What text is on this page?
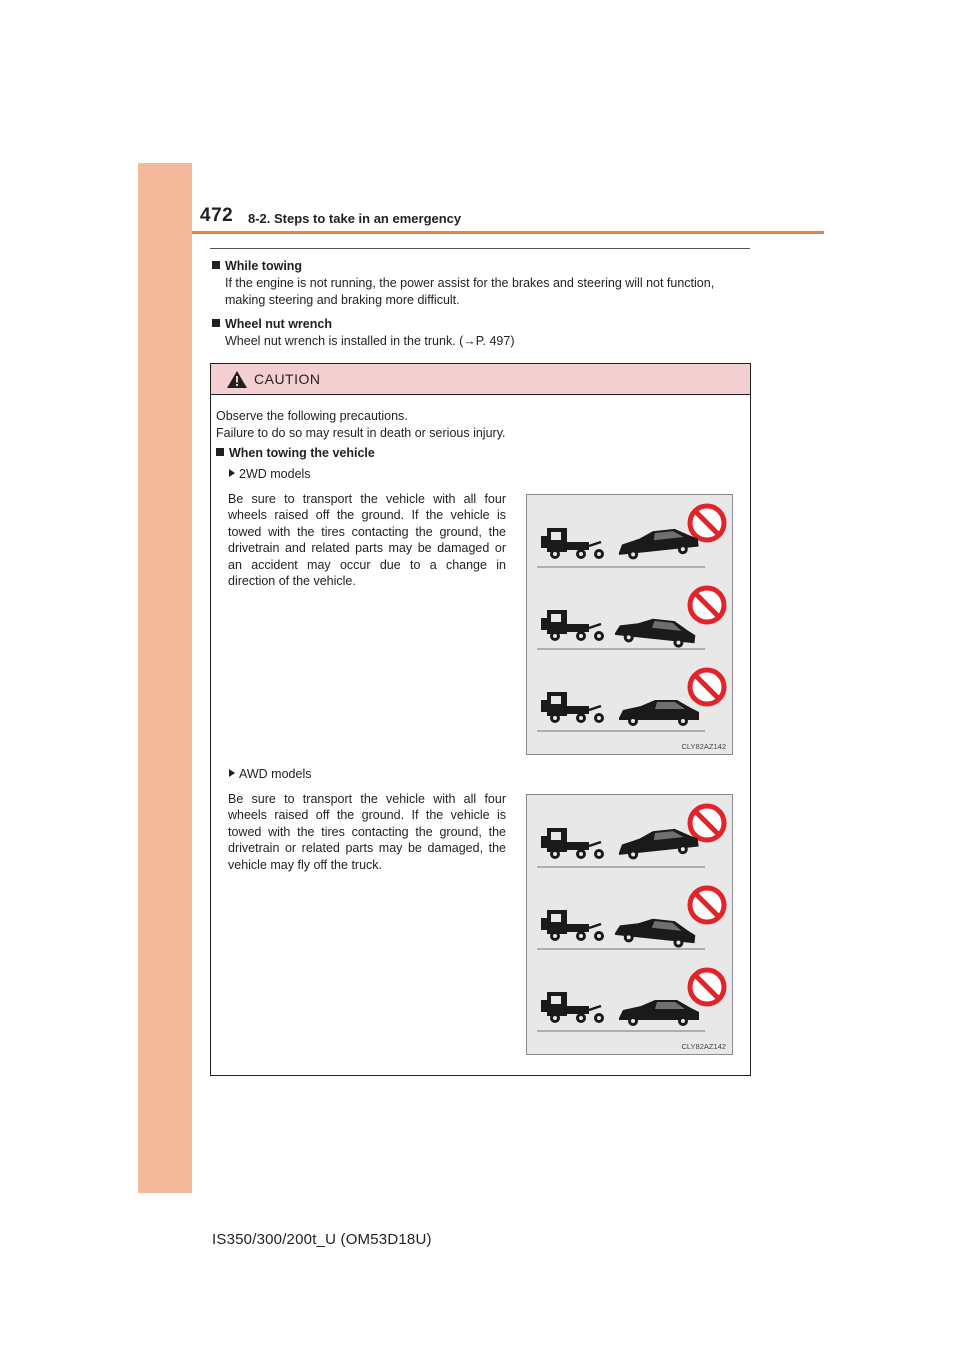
472 8-2. Steps to take in an emergency
While towing
If the engine is not running, the power assist for the brakes and steering will not function, making steering and braking more difficult.
Wheel nut wrench
Wheel nut wrench is installed in the trunk. (→P. 497)
CAUTION
Observe the following precautions.
Failure to do so may result in death or serious injury.
When towing the vehicle
2WD models
Be sure to transport the vehicle with all four wheels raised off the ground. If the vehicle is towed with the tires contacting the ground, the drivetrain and related parts may be damaged or an accident may occur due to a change in direction of the vehicle.
CLY82AZ142
AWD models
Be sure to transport the vehicle with all four wheels raised off the ground. If the vehicle is towed with the tires contacting the ground, the drivetrain or related parts may be damaged, the vehicle may fly off the truck.
CLY82AZ142
IS350/300/200t_U (OM53D18U)
